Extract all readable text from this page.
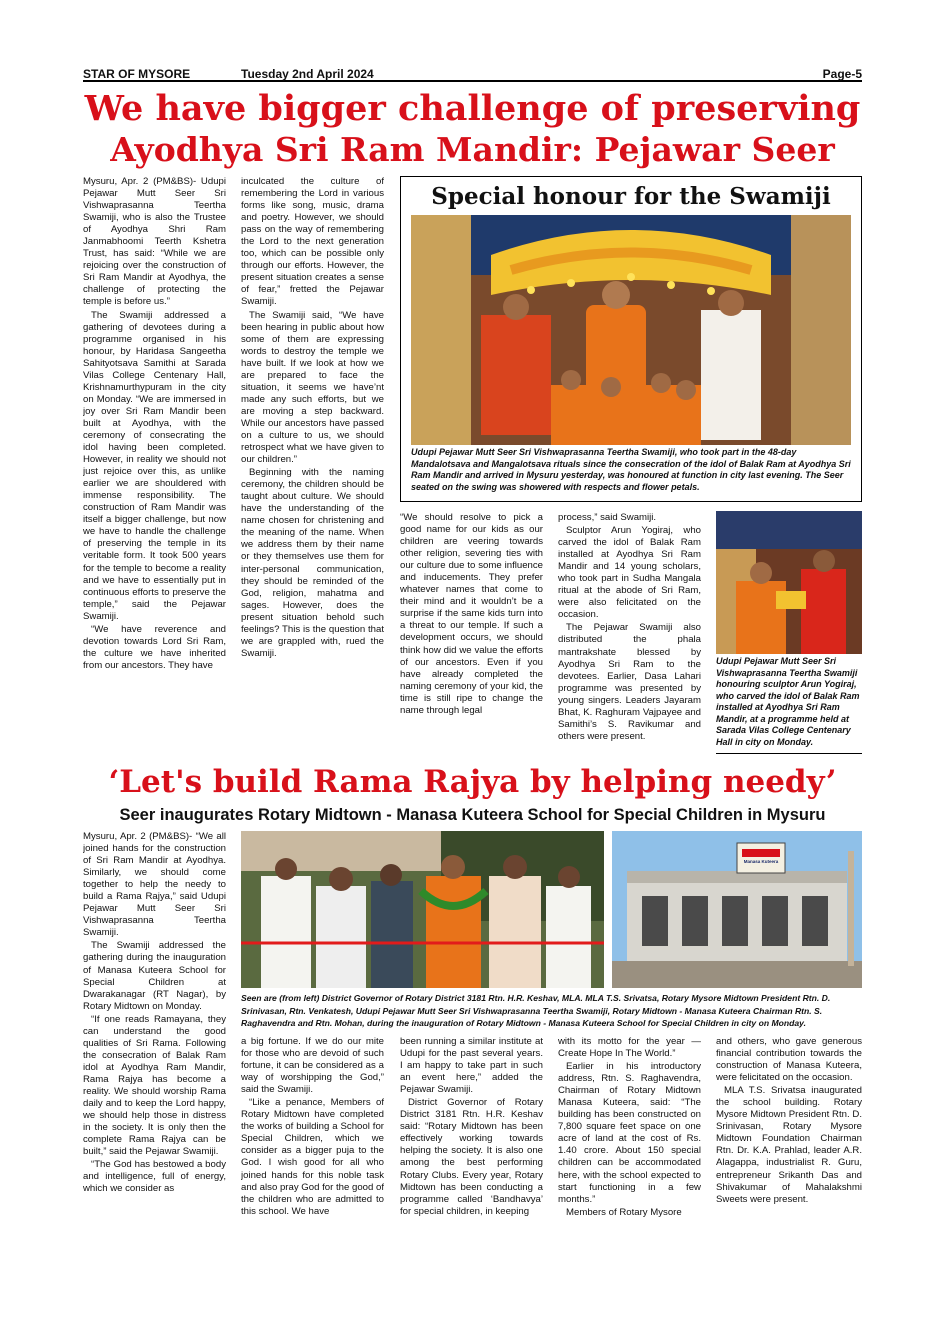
STAR OF MYSORE	Tuesday 2nd April 2024	Page-5
We have bigger challenge of preserving
Ayodhya Sri Ram Mandir: Pejawar Seer

Mysuru, Apr. 2 (PM&BS)- Udupi Pejawar Mutt Seer Sri Vishwaprasanna Teertha Swamiji, who is also the Trustee of Ayodhya Shri Ram Janmabhoomi Teerth Kshetra Trust, has said: “While we are rejoicing over the construction of Sri Ram Mandir at Ayodhya, the challenge of protecting the temple is before us.”

The Swamiji addressed a gathering of devotees during a programme organised in his honour, by Haridasa Sangeetha Sahityotsava Samithi at Sarada Vilas College Centenary Hall, Krishnamurthypuram in the city on Monday. “We are immersed in joy over Sri Ram Mandir been built at Ayodhya, with the ceremony of consecrating the idol having been completed. However, in reality we should not just rejoice over this, as unlike earlier we are shouldered with immense responsibility. The construction of Ram Mandir was itself a bigger challenge, but now we have to handle the challenge of preserving the temple in its veritable form. It took 500 years for the temple to become a reality and we have to essentially put in continuous efforts to preserve the temple,” said the Pejawar Swamiji.

“We have reverence and devotion towards Lord Sri Ram, the culture we have inherited from our ancestors. They have

inculcated the culture of remembering the Lord in various forms like song, music, drama and poetry. However, we should pass on the way of remembering the Lord to the next generation too, which can be possible only through our efforts. However, the present situation creates a sense of fear,” fretted the Pejawar Swamiji.

The Swamiji said, “We have been hearing in public about how some of them are expressing words to destroy the temple we have built. If we look at how we are prepared to face the situation, it seems we have’nt made any such efforts, but we are moving a step backward. While our ancestors have passed on a culture to us, we should retrospect what we have given to our children.”

Beginning with the naming ceremony, the children should be taught about culture. We should have the understanding of the name chosen for christening and the meaning of the name. When we address them by their name or they themselves use them for inter-personal communication, they should be reminded of the God, religion, mahatma and sages. However, does the present situation behold such feelings? This is the question that we are grappled with, rued the Swamiji.

Special honour for the Swamiji
Udupi Pejawar Mutt Seer Sri Vishwaprasanna Teertha Swamiji, who took part in the 48-day Mandalotsava and Mangalotsava rituals since the consecration of the idol of Balak Ram at Ayodhya Sri Ram Mandir and arrived in Mysuru yesterday, was honoured at function in city last evening. The Seer seated on the swing was showered with respects and flower petals.

“We should resolve to pick a good name for our kids as our children are veering towards other religion, severing ties with our culture due to some influence and inducements. They prefer whatever names that come to their mind and it wouldn’t be a surprise if the same kids turn into a threat to our temple. If such a development occurs, we should think how did we value the efforts of our ancestors. Even if you have already completed the naming ceremony of your kid, the time is still ripe to change the name through legal

process,” said Swamiji.

Sculptor Arun Yogiraj, who carved the idol of Balak Ram installed at Ayodhya Sri Ram Mandir and 14 young scholars, who took part in Sudha Mangala ritual at the abode of Sri Ram, were also felicitated on the occasion.

The Pejawar Swamiji also distributed the phala mantrakshate blessed by Ayodhya Sri Ram to the devotees. Earlier, Dasa Lahari programme was presented by young singers. Leaders Jayaram Bhat, K. Raghuram Vajpayee and Samithi’s S. Ravikumar and others were present.

Udupi Pejawar Mutt Seer Sri Vishwaprasanna Teertha Swamiji honouring sculptor Arun Yogiraj, who carved the idol of Balak Ram installed at Ayodhya Sri Ram Mandir, at a programme held at Sarada Vilas College Centenary Hall in city on Monday.
‘Let's build Rama Rajya by helping needy’
Seer inaugurates Rotary Midtown - Manasa Kuteera School for Special Children in Mysuru

Mysuru, Apr. 2 (PM&BS)- “We all joined hands for the construction of Sri Ram Mandir at Ayodhya. Similarly, we should come together to help the needy to build a Rama Rajya,” said Udupi Pejawar Mutt Seer Sri Vishwaprasanna Teertha Swamiji.

The Swamiji addressed the gathering during the inauguration of Manasa Kuteera School for Special Children at Dwarakanagar (RT Nagar), by Rotary Midtown on Monday.

“If one reads Ramayana, they can understand the good qualities of Sri Rama. Following the consecration of Balak Ram idol at Ayodhya Ram Mandir, Rama Rajya has become a reality. We should worship Rama daily and to keep the Lord happy, we should help those in distress in the society. It is only then the complete Rama Rajya can be built,” said the Pejawar Swamiji.

“The God has bestowed a body and intelligence, full of energy, which we consider as

Manasa Kuteera
Seen are (from left) District Governor of Rotary District 3181 Rtn. H.R. Keshav, MLA. MLA T.S. Srivatsa, Rotary Mysore Midtown President Rtn. D. Srinivasan, Rtn. Venkatesh, Udupi Pejawar Mutt Seer Sri Vishwaprasanna Teertha Swamiji, Rotary Midtown - Manasa Kuteera Chairman Rtn. S. Raghavendra and Rtn. Mohan, during the inauguration of Rotary Midtown - Manasa Kuteera School for Special Children in city on Monday.

a big fortune. If we do our mite for those who are devoid of such fortune, it can be considered as a way of worshipping the God,” said the Swamiji.

“Like a penance, Members of Rotary Midtown have completed the works of building a School for Special Children, which we consider as a bigger puja to the God. I wish good for all who joined hands for this noble task and also pray God for the good of the children who are admitted to this school. We have

been running a similar institute at Udupi for the past several years. I am happy to take part in such an event here,” added the Pejawar Swamiji.

District Governor of Rotary District 3181 Rtn. H.R. Keshav said: “Rotary Midtown has been effectively working towards helping the society. It is also one among the best performing Rotary Clubs. Every year, Rotary Midtown has been conducting a programme called ‘Bandhavya’ for special children, in keeping

with its motto for the year — Create Hope In The World.”

Earlier in his introductory address, Rtn. S. Raghavendra, Chairman of Rotary Midtown Manasa Kuteera, said: “The building has been constructed on 7,800 square feet space on one acre of land at the cost of Rs. 1.40 crore. About 150 special children can be accommodated here, with the school expected to start functioning in a few months.”

Members of Rotary Mysore

and others, who gave generous financial contribution towards the construction of Manasa Kuteera, were felicitated on the occasion.

MLA T.S. Srivatsa inaugurated the school building. Rotary Mysore Midtown President Rtn. D. Srinivasan, Rotary Mysore Midtown Foundation Chairman Rtn. Dr. K.A. Prahlad, leader A.R. Alagappa, industrialist R. Guru, entrepreneur Srikanth Das and Shivakumar of Mahalakshmi Sweets were present.
